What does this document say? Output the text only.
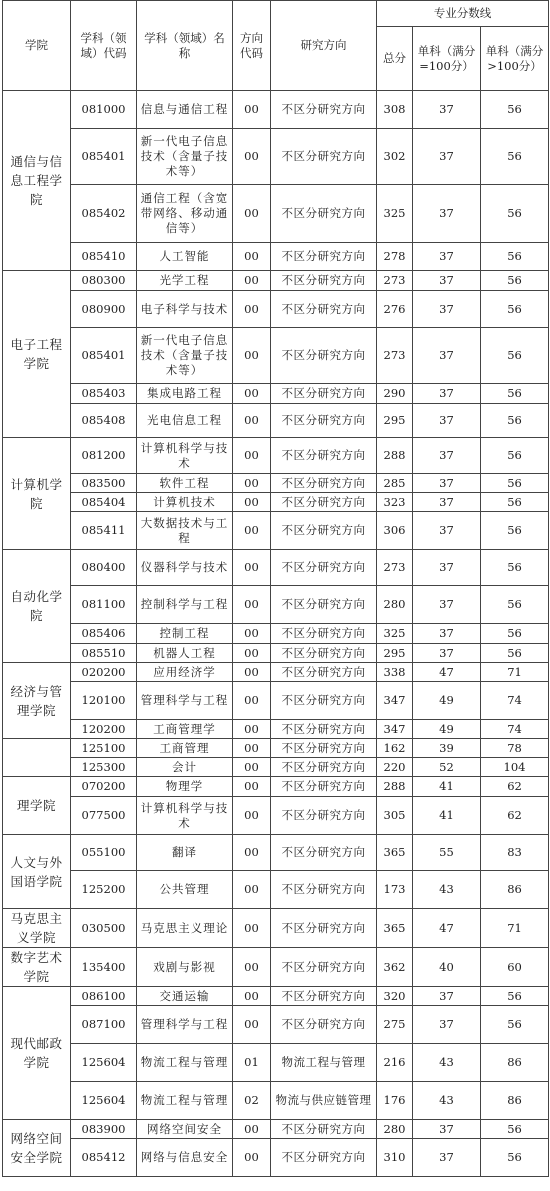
学院	学科（领域）代码	学科（领域）名称	方向代码	研究方向	专业分数线		
					总分	单科（满分=100分）	单科（满分>100分）
通信与信息工程学院	081000	信息与通信工程	00	不区分研究方向	308	37	56
	085401	新一代电子信息技术（含量子技术等）	00	不区分研究方向	302	37	56
	085402	通信工程（含宽带网络、移动通信等）	00	不区分研究方向	325	37	56
	085410	人工智能	00	不区分研究方向	278	37	56
电子工程学院	080300	光学工程	00	不区分研究方向	273	37	56
	080900	电子科学与技术	00	不区分研究方向	276	37	56
	085401	新一代电子信息技术（含量子技术等）	00	不区分研究方向	273	37	56
	085403	集成电路工程	00	不区分研究方向	290	37	56
	085408	光电信息工程	00	不区分研究方向	295	37	56
计算机学院	081200	计算机科学与技术	00	不区分研究方向	288	37	56
	083500	软件工程	00	不区分研究方向	285	37	56
	085404	计算机技术	00	不区分研究方向	323	37	56
	085411	大数据技术与工程	00	不区分研究方向	306	37	56
自动化学院	080400	仪器科学与技术	00	不区分研究方向	273	37	56
	081100	控制科学与工程	00	不区分研究方向	280	37	56
	085406	控制工程	00	不区分研究方向	325	37	56
	085510	机器人工程	00	不区分研究方向	295	37	56
经济与管理学院	020200	应用经济学	00	不区分研究方向	338	47	71
	120100	管理科学与工程	00	不区分研究方向	347	49	74
	120200	工商管理学	00	不区分研究方向	347	49	74
	125100	工商管理	00	不区分研究方向	162	39	78
	125300	会计	00	不区分研究方向	220	52	104
理学院	070200	物理学	00	不区分研究方向	288	41	62
	077500	计算机科学与技术	00	不区分研究方向	305	41	62
人文与外国语学院	055100	翻译	00	不区分研究方向	365	55	83
	125200	公共管理	00	不区分研究方向	173	43	86
马克思主义学院	030500	马克思主义理论	00	不区分研究方向	365	47	71
数字艺术学院	135400	戏剧与影视	00	不区分研究方向	362	40	60
现代邮政学院	086100	交通运输	00	不区分研究方向	320	37	56
	087100	管理科学与工程	00	不区分研究方向	275	37	56
	125604	物流工程与管理	01	物流工程与管理	216	43	86
	125604	物流工程与管理	02	物流与供应链管理	176	43	86
网络空间安全学院	083900	网络空间安全	00	不区分研究方向	280	37	56
	085412	网络与信息安全	00	不区分研究方向	310	37	56
